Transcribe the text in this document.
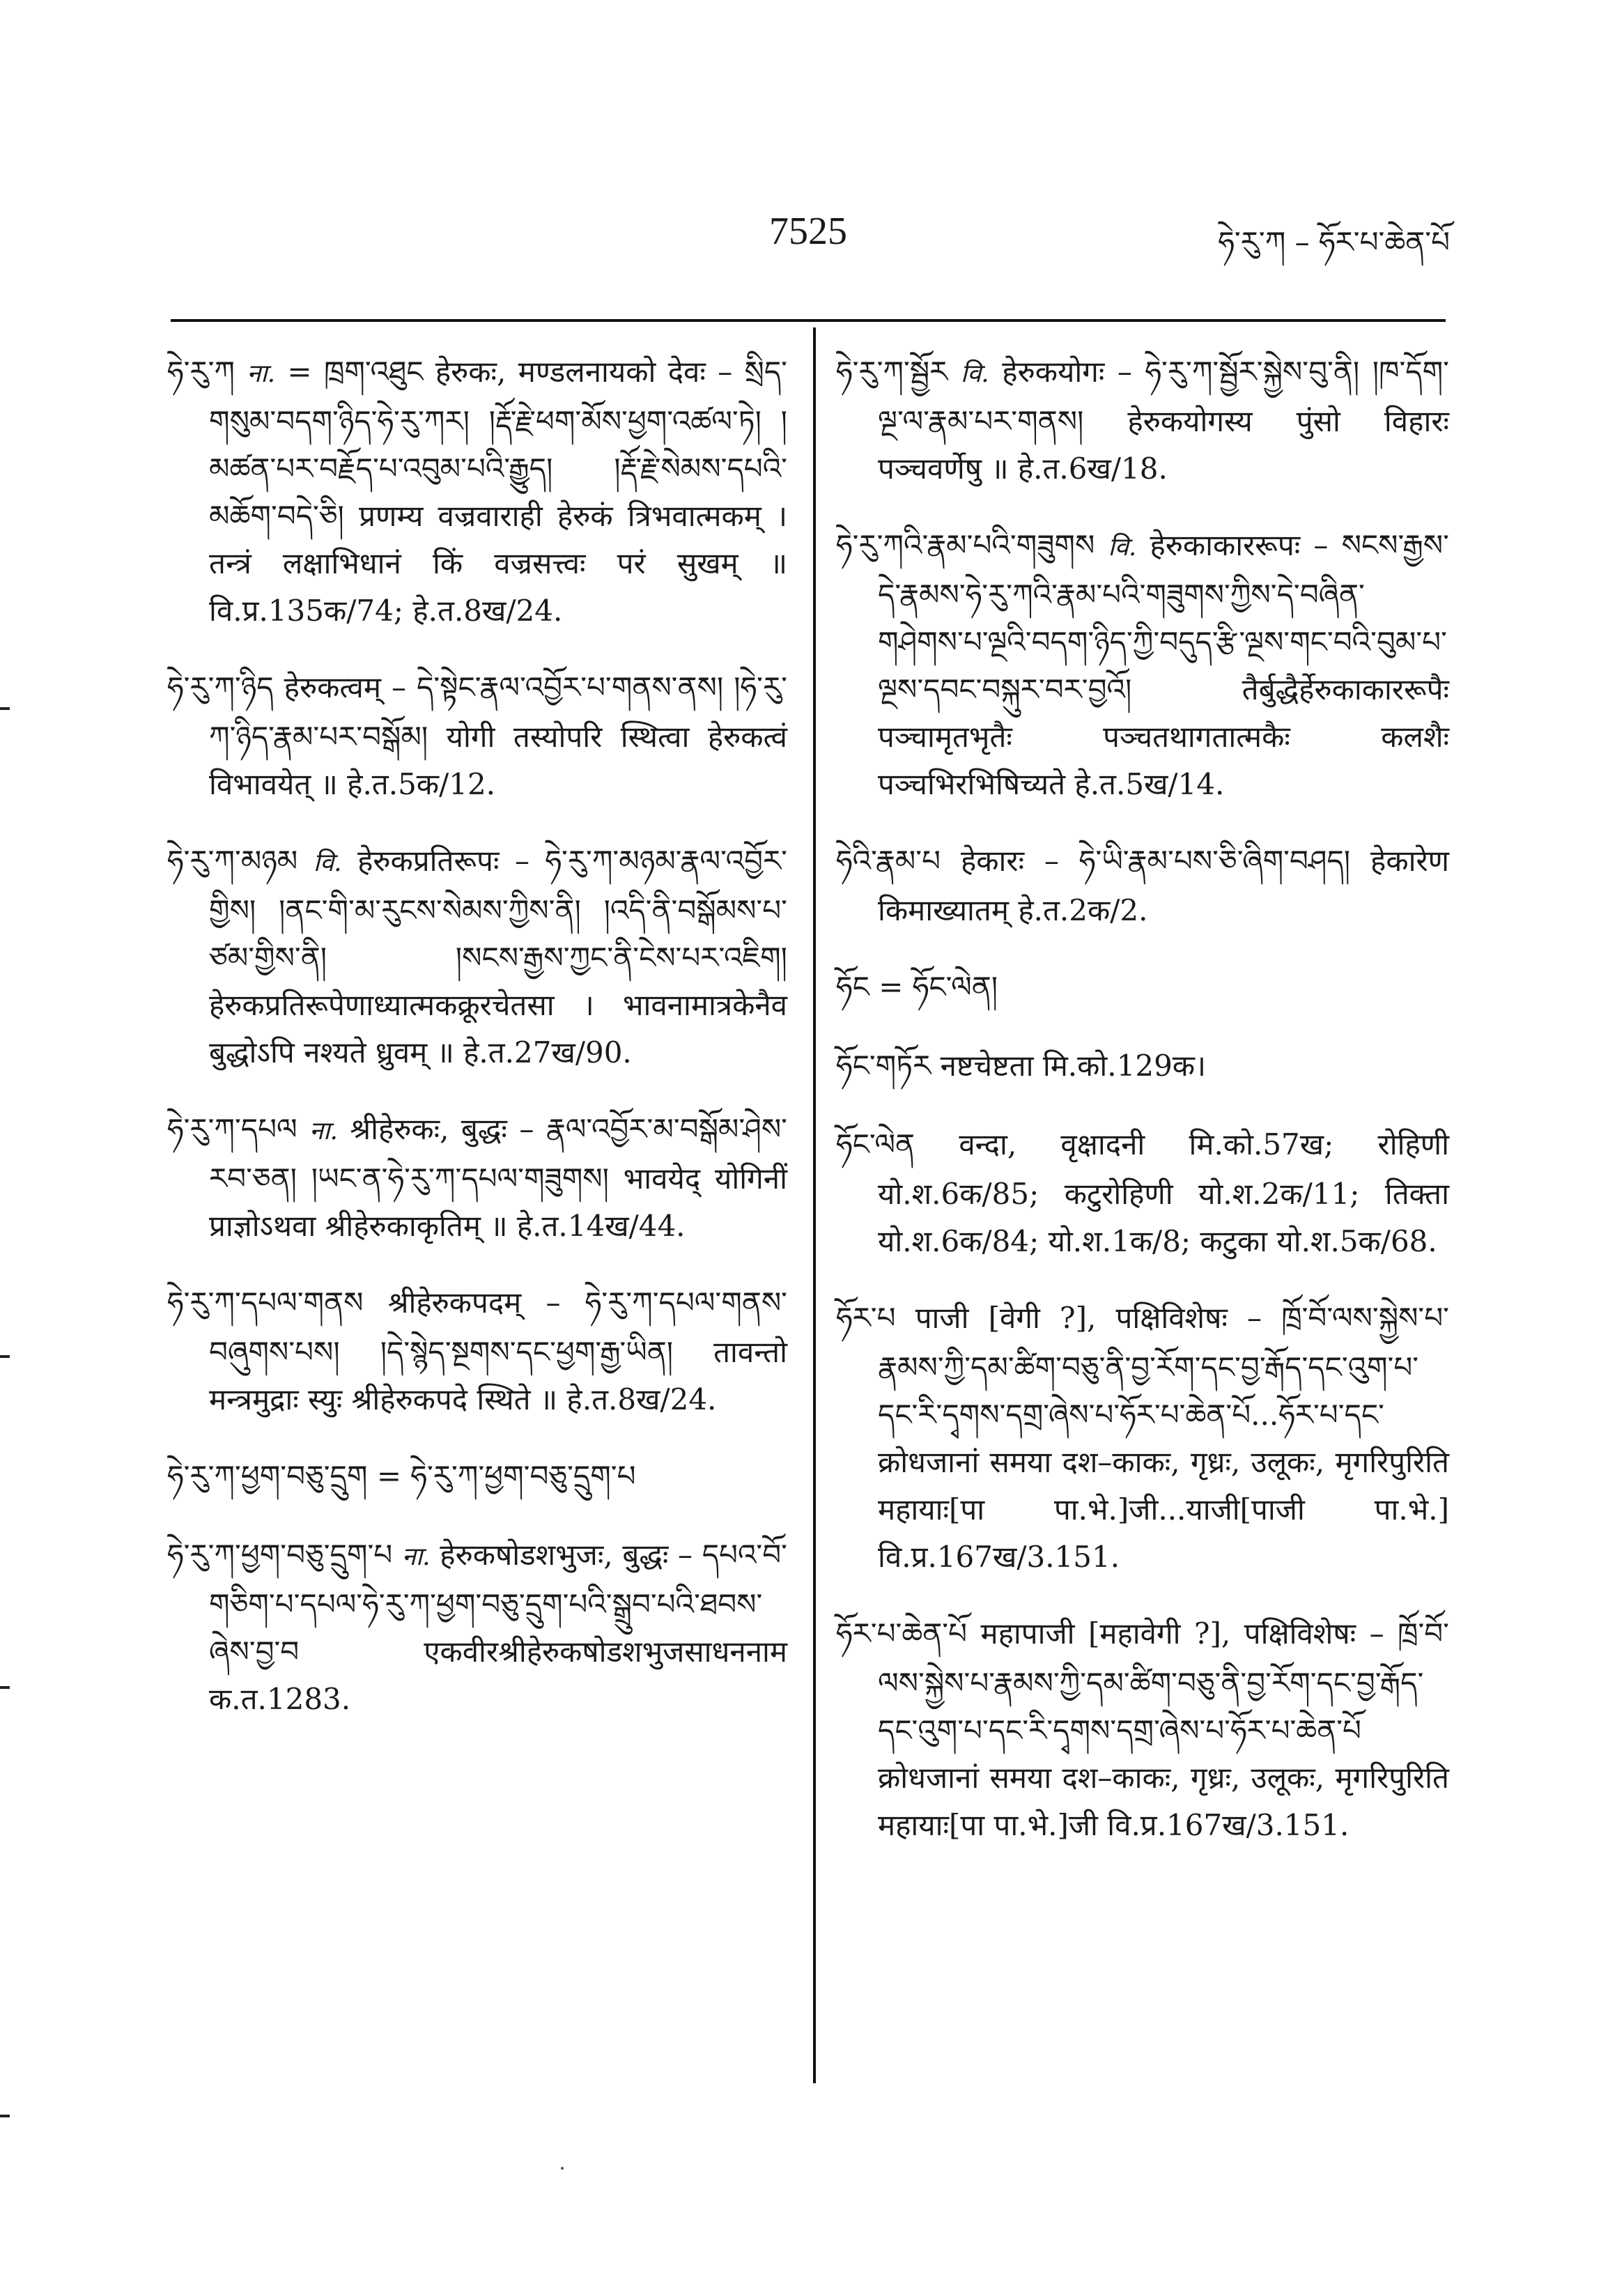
7525	ཧེ་རུ་ཀ – ཧོར་པ་ཆེན་པོ
ཧེ་རུ་ཀ ना. = ཁྲག་འཐུང हेरुकः, मण्डलनायको देवः – སྲིད་གསུམ་བདག་ཉིད་ཧེ་རུ་ཀར། །རྡོ་རྗེ་ཕག་མོས་ཕྱག་འཚལ་ཏེ། །མཚན་པར་བརྗོད་པ་འབུམ་པའི་རྒྱུད། །རྡོ་རྗེ་སེམས་དཔའི་མཆོག་བདེ་ཅི། प्रणम्य वज्रवाराही हेरुकं त्रिभवात्मकम् । तन्त्रं लक्षाभिधानं किं वज्रसत्त्वः परं सुखम् ॥ वि.प्र.135क/74; हे.त.8ख/24.
ཧེ་རུ་ཀ་ཉིད हेरुकत्वम् – དེ་སྟེང་རྣལ་འབྱོར་པ་གནས་ནས། །ཧེ་རུ་ཀ་ཉིད་རྣམ་པར་བསྒོམ། योगी तस्योपरि स्थित्वा हेरुकत्वं विभावयेत् ॥ हे.त.5क/12.
ཧེ་རུ་ཀ་མཉམ वि. हेरुकप्रतिरूपः – ཧེ་རུ་ཀ་མཉམ་རྣལ་འབྱོར་གྱིས། །ནང་གི་མ་རུངས་སེམས་ཀྱིས་ནི། །འདི་ནི་བསྒོམས་པ་ཙམ་གྱིས་ནི། །སངས་རྒྱས་ཀྱང་ནི་ངེས་པར་འཇིག། हेरुकप्रतिरूपेणाध्यात्मकक्रूरचेतसा । भावनामात्रकेनैव बुद्धोऽपि नश्यते ध्रुवम् ॥ हे.त.27ख/90.
ཧེ་རུ་ཀ་དཔལ ना. श्रीहेरुकः, बुद्धः – རྣལ་འབྱོར་མ་བསྒོམ་ཤེས་རབ་ཅན། །ཡང་ན་ཧེ་རུ་ཀ་དཔལ་གཟུགས། भावयेद् योगिनीं प्राज्ञोऽथवा श्रीहेरुकाकृतिम् ॥ हे.त.14ख/44.
ཧེ་རུ་ཀ་དཔལ་གནས श्रीहेरुकपदम् – ཧེ་རུ་ཀ་དཔལ་གནས་བཞུགས་པས། །དེ་སྙེད་སྔགས་དང་ཕྱག་རྒྱ་ཡིན། तावन्तो मन्त्रमुद्राः स्युः श्रीहेरुकपदे स्थिते ॥ हे.त.8ख/24.
ཧེ་རུ་ཀ་ཕྱག་བཅུ་དྲུག = ཧེ་རུ་ཀ་ཕྱག་བཅུ་དྲུག་པ
ཧེ་རུ་ཀ་ཕྱག་བཅུ་དྲུག་པ ना. हेरुकषोडशभुजः, बुद्धः – དཔའ་བོ་གཅིག་པ་དཔལ་ཧེ་རུ་ཀ་ཕྱག་བཅུ་དྲུག་པའི་སྒྲུབ་པའི་ཐབས་ཞེས་བྱ་བ एकवीरश्रीहेरुकषोडशभुजसाधननाम क.त.1283.
ཧེ་རུ་ཀ་སྦྱོར वि. हेरुकयोगः – ཧེ་རུ་ཀ་སྦྱོར་སྐྱེས་བུ་ནི། །ཁ་དོག་ལྔ་ལ་རྣམ་པར་གནས། हेरुकयोगस्य पुंसो विहारः पञ्चवर्णेषु ॥ हे.त.6ख/18.
ཧེ་རུ་ཀའི་རྣམ་པའི་གཟུགས वि. हेरुकाकाररूपः – སངས་རྒྱས་དེ་རྣམས་ཧེ་རུ་ཀའི་རྣམ་པའི་གཟུགས་ཀྱིས་དེ་བཞིན་གཤེགས་པ་ལྔའི་བདག་ཉིད་ཀྱི་བདུད་རྩི་ལྔས་གང་བའི་བུམ་པ་ལྔས་དབང་བསྐུར་བར་བྱའོ། तैर्बुद्धैर्हेरुकाकाररूपैः पञ्चामृतभृतैः पञ्चतथागतात्मकैः कलशैः पञ्चभिरभिषिच्यते हे.त.5ख/14.
ཧེའི་རྣམ་པ हेकारः – ཧེ་ཡི་རྣམ་པས་ཅི་ཞིག་བཤད། हेकारेण किमाख्यातम् हे.त.2क/2.
ཧོང = ཧོང་ལེན།
ཧོང་གཏོར नष्टचेष्टता मि.को.129क।
ཧོང་ལེན वन्दा, वृक्षादनी मि.को.57ख; रोहिणी यो.श.6क/85; कटुरोहिणी यो.श.2क/11; तिक्ता यो.श.6क/84; यो.श.1क/8; कटुका यो.श.5क/68.
ཧོར་པ पाजी [वेगी ?], पक्षिविशेषः – ཁྲོ་བོ་ལས་སྐྱེས་པ་རྣམས་ཀྱི་དམ་ཚིག་བཅུ་ནི་བྱ་རོག་དང་བྱ་རྒོད་དང་འུག་པ་དང་རི་དྭགས་དགྲ་ཞེས་པ་ཧོར་པ་ཆེན་པོ...ཧོར་པ་དང་ क्रोधजानां समया दश–काकः, गृध्रः, उलूकः, मृगरिपुरिति महायाः[पा पा.भे.]जी...याजी[पाजी पा.भे.] वि.प्र.167ख/3.151.
ཧོར་པ་ཆེན་པོ महापाजी [महावेगी ?], पक्षिविशेषः – ཁྲོ་བོ་ལས་སྐྱེས་པ་རྣམས་ཀྱི་དམ་ཚིག་བཅུ་ནི་བྱ་རོག་དང་བྱ་རྒོད་དང་འུག་པ་དང་རི་དྭགས་དགྲ་ཞེས་པ་ཧོར་པ་ཆེན་པོ क्रोधजानां समया दश–काकः, गृध्रः, उलूकः, मृगरिपुरिति महायाः[पा पा.भे.]जी वि.प्र.167ख/3.151.
